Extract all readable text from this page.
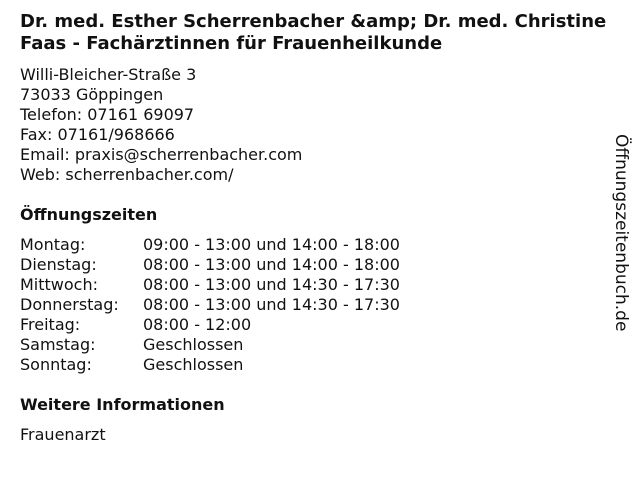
Dr. med. Esther Scherrenbacher &amp; Dr. med. Christine Faas - Fachärztinnen für Frauenheilkunde
Willi-Bleicher-Straße 3
73033 Göppingen
Telefon: 07161 69097
Fax: 07161/968666
Email: praxis@scherrenbacher.com
Web: scherrenbacher.com/
Öffnungszeiten
Montag:	09:00 - 13:00 und 14:00 - 18:00
Dienstag:	08:00 - 13:00 und 14:00 - 18:00
Mittwoch:	08:00 - 13:00 und 14:30 - 17:30
Donnerstag: 08:00 - 13:00 und 14:30 - 17:30
Freitag:	08:00 - 12:00
Samstag:	Geschlossen
Sonntag:	Geschlossen
Weitere Informationen
Frauenarzt
Öffnungszeitenbuch.de
